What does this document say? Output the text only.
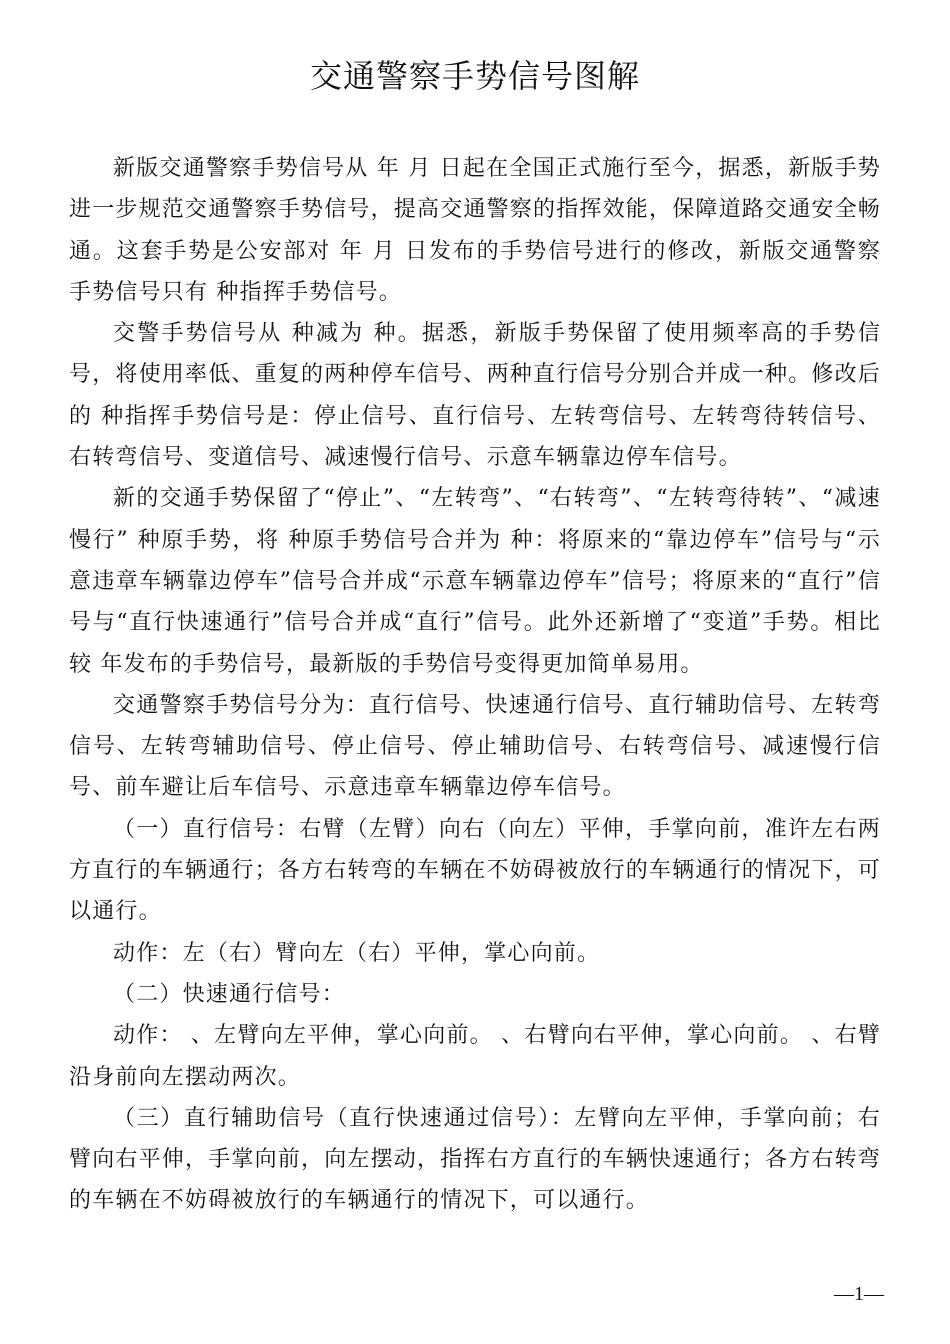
交通警察手势信号图解

新版交通警察手势信号从 年 月 日起在全国正式施行至今，据悉，新版手势进一步规范交通警察手势信号，提高交通警察的指挥效能，保障道路交通安全畅通。这套手势是公安部对 年 月 日发布的手势信号进行的修改，新版交通警察手势信号只有 种指挥手势信号。

交警手势信号从 种减为 种。据悉，新版手势保留了使用频率高的手势信号，将使用率低、重复的两种停车信号、两种直行信号分别合并成一种。修改后的 种指挥手势信号是：停止信号、直行信号、左转弯信号、左转弯待转信号、右转弯信号、变道信号、减速慢行信号、示意车辆靠边停车信号。

新的交通手势保留了“停止”、“左转弯”、“右转弯”、“左转弯待转”、“减速慢行” 种原手势，将 种原手势信号合并为 种：将原来的“靠边停车”信号与“示意违章车辆靠边停车”信号合并成“示意车辆靠边停车”信号；将原来的“直行”信号与“直行快速通行”信号合并成“直行”信号。此外还新增了“变道”手势。相比较 年发布的手势信号，最新版的手势信号变得更加简单易用。

交通警察手势信号分为：直行信号、快速通行信号、直行辅助信号、左转弯信号、左转弯辅助信号、停止信号、停止辅助信号、右转弯信号、减速慢行信号、前车避让后车信号、示意违章车辆靠边停车信号。

（一）直行信号：右臂（左臂）向右（向左）平伸，手掌向前，准许左右两方直行的车辆通行；各方右转弯的车辆在不妨碍被放行的车辆通行的情况下，可以通行。

动作：左（右）臂向左（右）平伸，掌心向前。

（二）快速通行信号：

动作： 、左臂向左平伸，掌心向前。 、右臂向右平伸，掌心向前。 、右臂沿身前向左摆动两次。

（三）直行辅助信号（直行快速通过信号）：左臂向左平伸，手掌向前；右臂向右平伸，手掌向前，向左摆动，指挥右方直行的车辆快速通行；各方右转弯的车辆在不妨碍被放行的车辆通行的情况下，可以通行。

—1—
